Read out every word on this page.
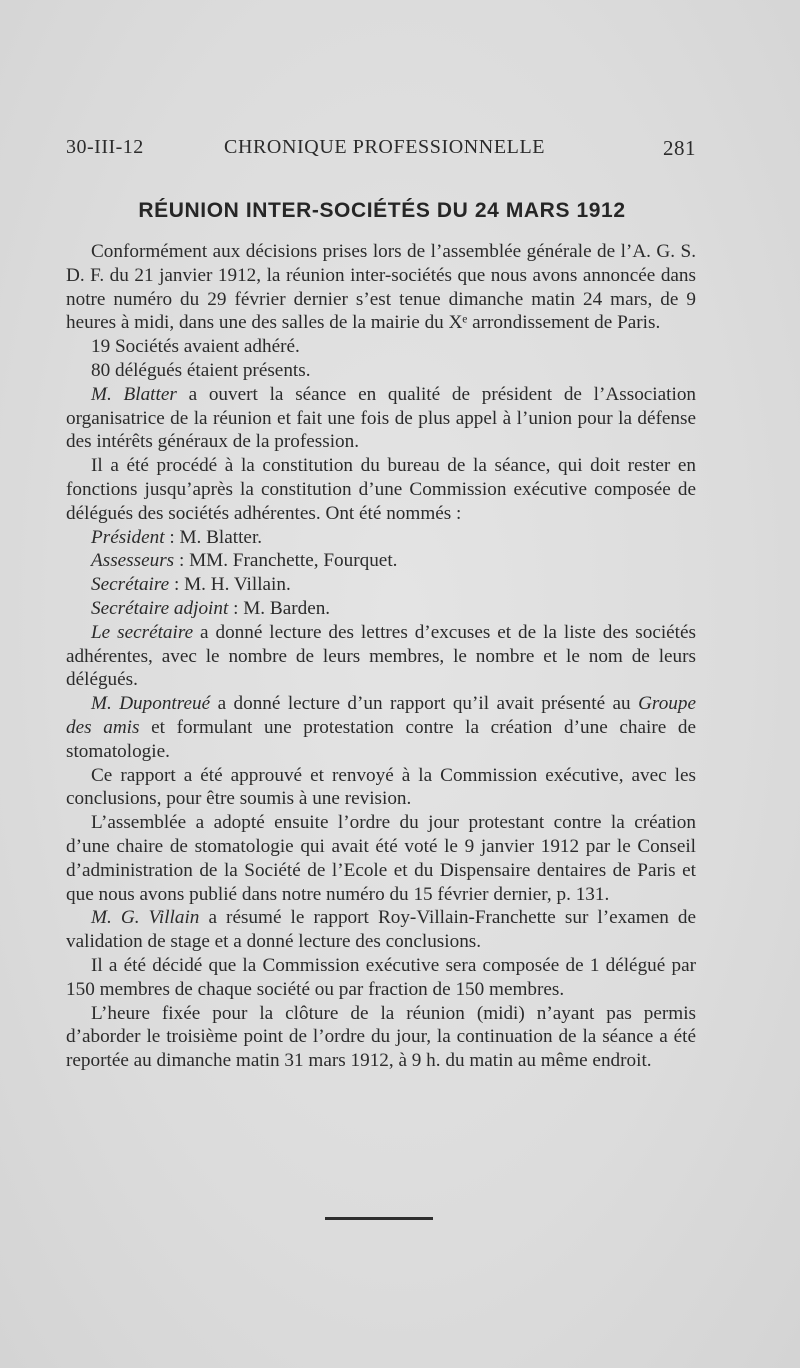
30-III-12	CHRONIQUE PROFESSIONNELLE	281
RÉUNION INTER-SOCIÉTÉS DU 24 MARS 1912

Conformément aux décisions prises lors de l’assemblée générale de l’A. G. S. D. F. du 21 janvier 1912, la réunion inter-sociétés que nous avons annoncée dans notre numéro du 29 février dernier s’est tenue dimanche matin 24 mars, de 9 heures à midi, dans une des salles de la mairie du Xᵉ arrondissement de Paris.

19 Sociétés avaient adhéré.

80 délégués étaient présents.

M. Blatter a ouvert la séance en qualité de président de l’Association organisatrice de la réunion et fait une fois de plus appel à l’union pour la défense des intérêts généraux de la profession.

Il a été procédé à la constitution du bureau de la séance, qui doit rester en fonctions jusqu’après la constitution d’une Commission exécutive composée de délégués des sociétés adhérentes. Ont été nommés :

Président : M. Blatter.

Assesseurs : MM. Franchette, Fourquet.

Secrétaire : M. H. Villain.

Secrétaire adjoint : M. Barden.

Le secrétaire a donné lecture des lettres d’excuses et de la liste des sociétés adhérentes, avec le nombre de leurs membres, le nombre et le nom de leurs délégués.

M. Dupontreué a donné lecture d’un rapport qu’il avait présenté au Groupe des amis et formulant une protestation contre la création d’une chaire de stomatologie.

Ce rapport a été approuvé et renvoyé à la Commission exécutive, avec les conclusions, pour être soumis à une revision.

L’assemblée a adopté ensuite l’ordre du jour protestant contre la création d’une chaire de stomatologie qui avait été voté le 9 janvier 1912 par le Conseil d’administration de la Société de l’Ecole et du Dispensaire dentaires de Paris et que nous avons publié dans notre numéro du 15 février dernier, p. 131.

M. G. Villain a résumé le rapport Roy-Villain-Franchette sur l’examen de validation de stage et a donné lecture des conclusions.

Il a été décidé que la Commission exécutive sera composée de 1 délégué par 150 membres de chaque société ou par fraction de 150 membres.

L’heure fixée pour la clôture de la réunion (midi) n’ayant pas permis d’aborder le troisième point de l’ordre du jour, la continuation de la séance a été reportée au dimanche matin 31 mars 1912, à 9 h. du matin au même endroit.
